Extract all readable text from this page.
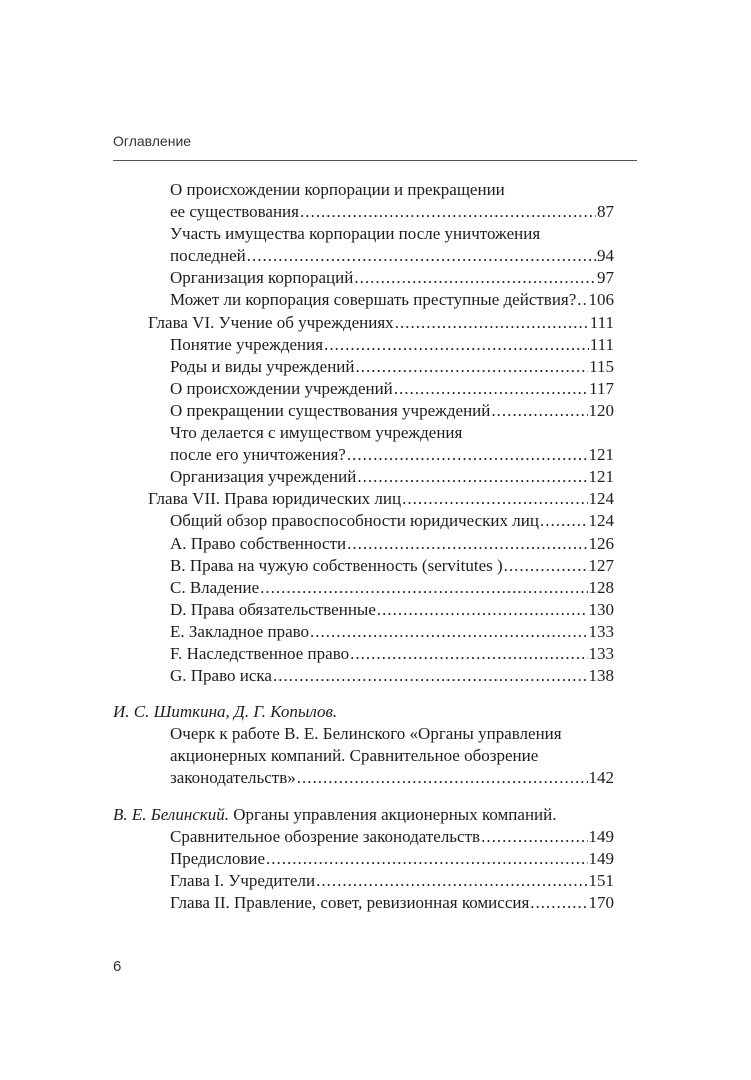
Оглавление
О происхождении корпорации и прекращении
ее существования .....	87
Участь имущества корпорации после уничтожения
последней .....	94
Организация корпораций .....	97
Может ли корпорация совершать преступные действия? ..... 106
Глава VI. Учение об учреждениях .....	111
Понятие учреждения .....	111
Роды и виды учреждений .....	115
О происхождении учреждений .....	117
О прекращении существования учреждений .....	120
Что делается с имуществом учреждения
после его уничтожения? .....	121
Организация учреждений .....	121
Глава VII. Права юридических лиц .....	124
Общий обзор правоспособности юридических лиц .....	124
A. Право собственности .....	126
B. Права на чужую собственность (servitutes ) .....	127
C. Владение .....	128
D. Права обязательственные .....	130
E. Закладное право .....	133
F. Наследственное право .....	133
G. Право иска .....	138
И. С. Шиткина, Д. Г. Копылов.
Очерк к работе В. Е. Белинского «Органы управления
акционерных компаний. Сравнительное обозрение
законодательств» .....	142
В. Е. Белинский. Органы управления акционерных компаний.
Сравнительное обозрение законодательств .....	149
Предисловие .....	149
Глава I. Учредители .....	151
Глава II. Правление, совет, ревизионная комиссия .....	170
6
